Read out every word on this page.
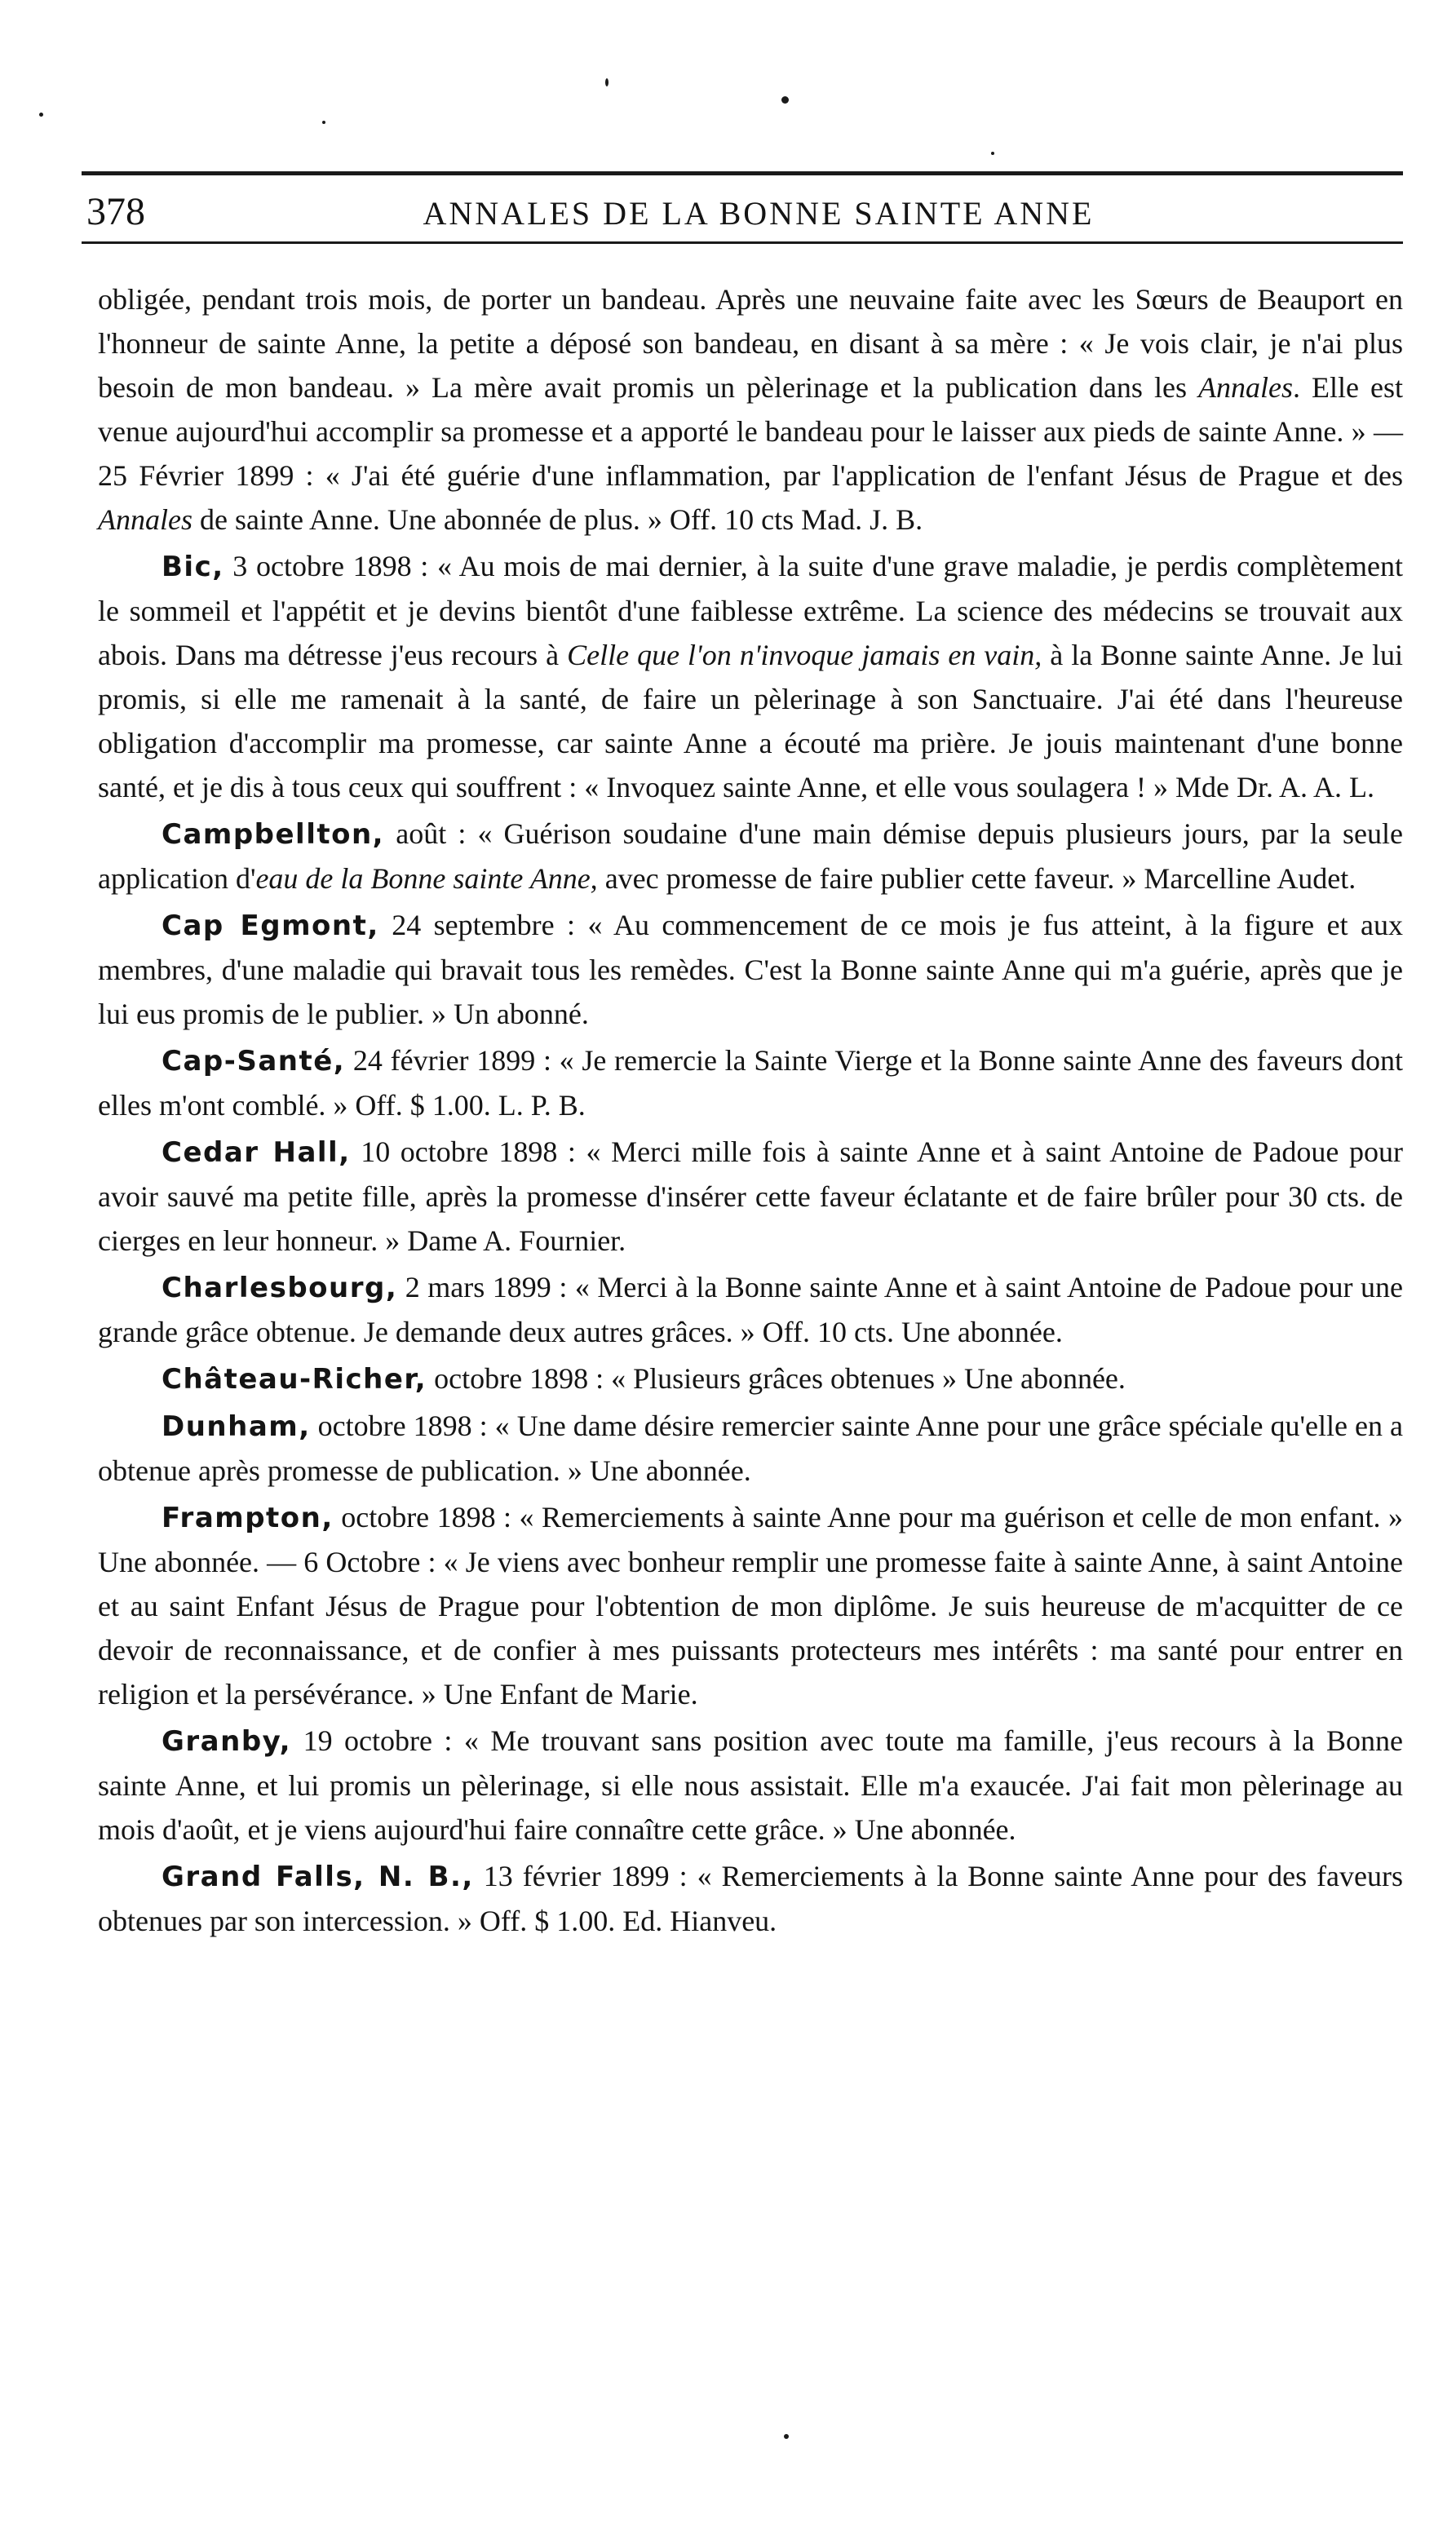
378	ANNALES DE LA BONNE SAINTE ANNE

obligée, pendant trois mois, de porter un bandeau. Après une neuvaine faite avec les Sœurs de Beauport en l'honneur de sainte Anne, la petite a déposé son bandeau, en disant à sa mère : « Je vois clair, je n'ai plus besoin de mon bandeau. » La mère avait promis un pèlerinage et la publication dans les Annales. Elle est venue aujourd'hui accomplir sa promesse et a apporté le bandeau pour le laisser aux pieds de sainte Anne. » — 25 Février 1899 : « J'ai été guérie d'une inflammation, par l'application de l'enfant Jésus de Prague et des Annales de sainte Anne. Une abonnée de plus. » Off. 10 cts Mad. J. B.

Bic, 3 octobre 1898 : « Au mois de mai dernier, à la suite d'une grave maladie, je perdis complètement le sommeil et l'appétit et je devins bientôt d'une faiblesse extrême. La science des médecins se trouvait aux abois. Dans ma détresse j'eus recours à Celle que l'on n'invoque jamais en vain, à la Bonne sainte Anne. Je lui promis, si elle me ramenait à la santé, de faire un pèlerinage à son Sanctuaire. J'ai été dans l'heureuse obligation d'accomplir ma promesse, car sainte Anne a écouté ma prière. Je jouis maintenant d'une bonne santé, et je dis à tous ceux qui souffrent : « Invoquez sainte Anne, et elle vous soulagera ! » Mde Dr. A. A. L.

Campbellton, août : « Guérison soudaine d'une main démise depuis plusieurs jours, par la seule application d'eau de la Bonne sainte Anne, avec promesse de faire publier cette faveur. » Marcelline Audet.

Cap Egmont, 24 septembre : « Au commencement de ce mois je fus atteint, à la figure et aux membres, d'une maladie qui bravait tous les remèdes. C'est la Bonne sainte Anne qui m'a guérie, après que je lui eus promis de le publier. » Un abonné.

Cap-Santé, 24 février 1899 : « Je remercie la Sainte Vierge et la Bonne sainte Anne des faveurs dont elles m'ont comblé. » Off. $ 1.00. L. P. B.

Cedar Hall, 10 octobre 1898 : « Merci mille fois à sainte Anne et à saint Antoine de Padoue pour avoir sauvé ma petite fille, après la promesse d'insérer cette faveur éclatante et de faire brûler pour 30 cts. de cierges en leur honneur. » Dame A. Fournier.

Charlesbourg, 2 mars 1899 : « Merci à la Bonne sainte Anne et à saint Antoine de Padoue pour une grande grâce obtenue. Je demande deux autres grâces. » Off. 10 cts. Une abonnée.

Château-Richer, octobre 1898 : « Plusieurs grâces obtenues » Une abonnée.

Dunham, octobre 1898 : « Une dame désire remercier sainte Anne pour une grâce spéciale qu'elle en a obtenue après promesse de publication. » Une abonnée.

Frampton, octobre 1898 : « Remerciements à sainte Anne pour ma guérison et celle de mon enfant. » Une abonnée. — 6 Octobre : « Je viens avec bonheur remplir une promesse faite à sainte Anne, à saint Antoine et au saint Enfant Jésus de Prague pour l'obtention de mon diplôme. Je suis heureuse de m'acquitter de ce devoir de reconnaissance, et de confier à mes puissants protecteurs mes intérêts : ma santé pour entrer en religion et la persévérance. » Une Enfant de Marie.

Granby, 19 octobre : « Me trouvant sans position avec toute ma famille, j'eus recours à la Bonne sainte Anne, et lui promis un pèlerinage, si elle nous assistait. Elle m'a exaucée. J'ai fait mon pèlerinage au mois d'août, et je viens aujourd'hui faire connaître cette grâce. » Une abonnée.

Grand Falls, N. B., 13 février 1899 : « Remerciements à la Bonne sainte Anne pour des faveurs obtenues par son intercession. » Off. $ 1.00. Ed. Hianveu.
